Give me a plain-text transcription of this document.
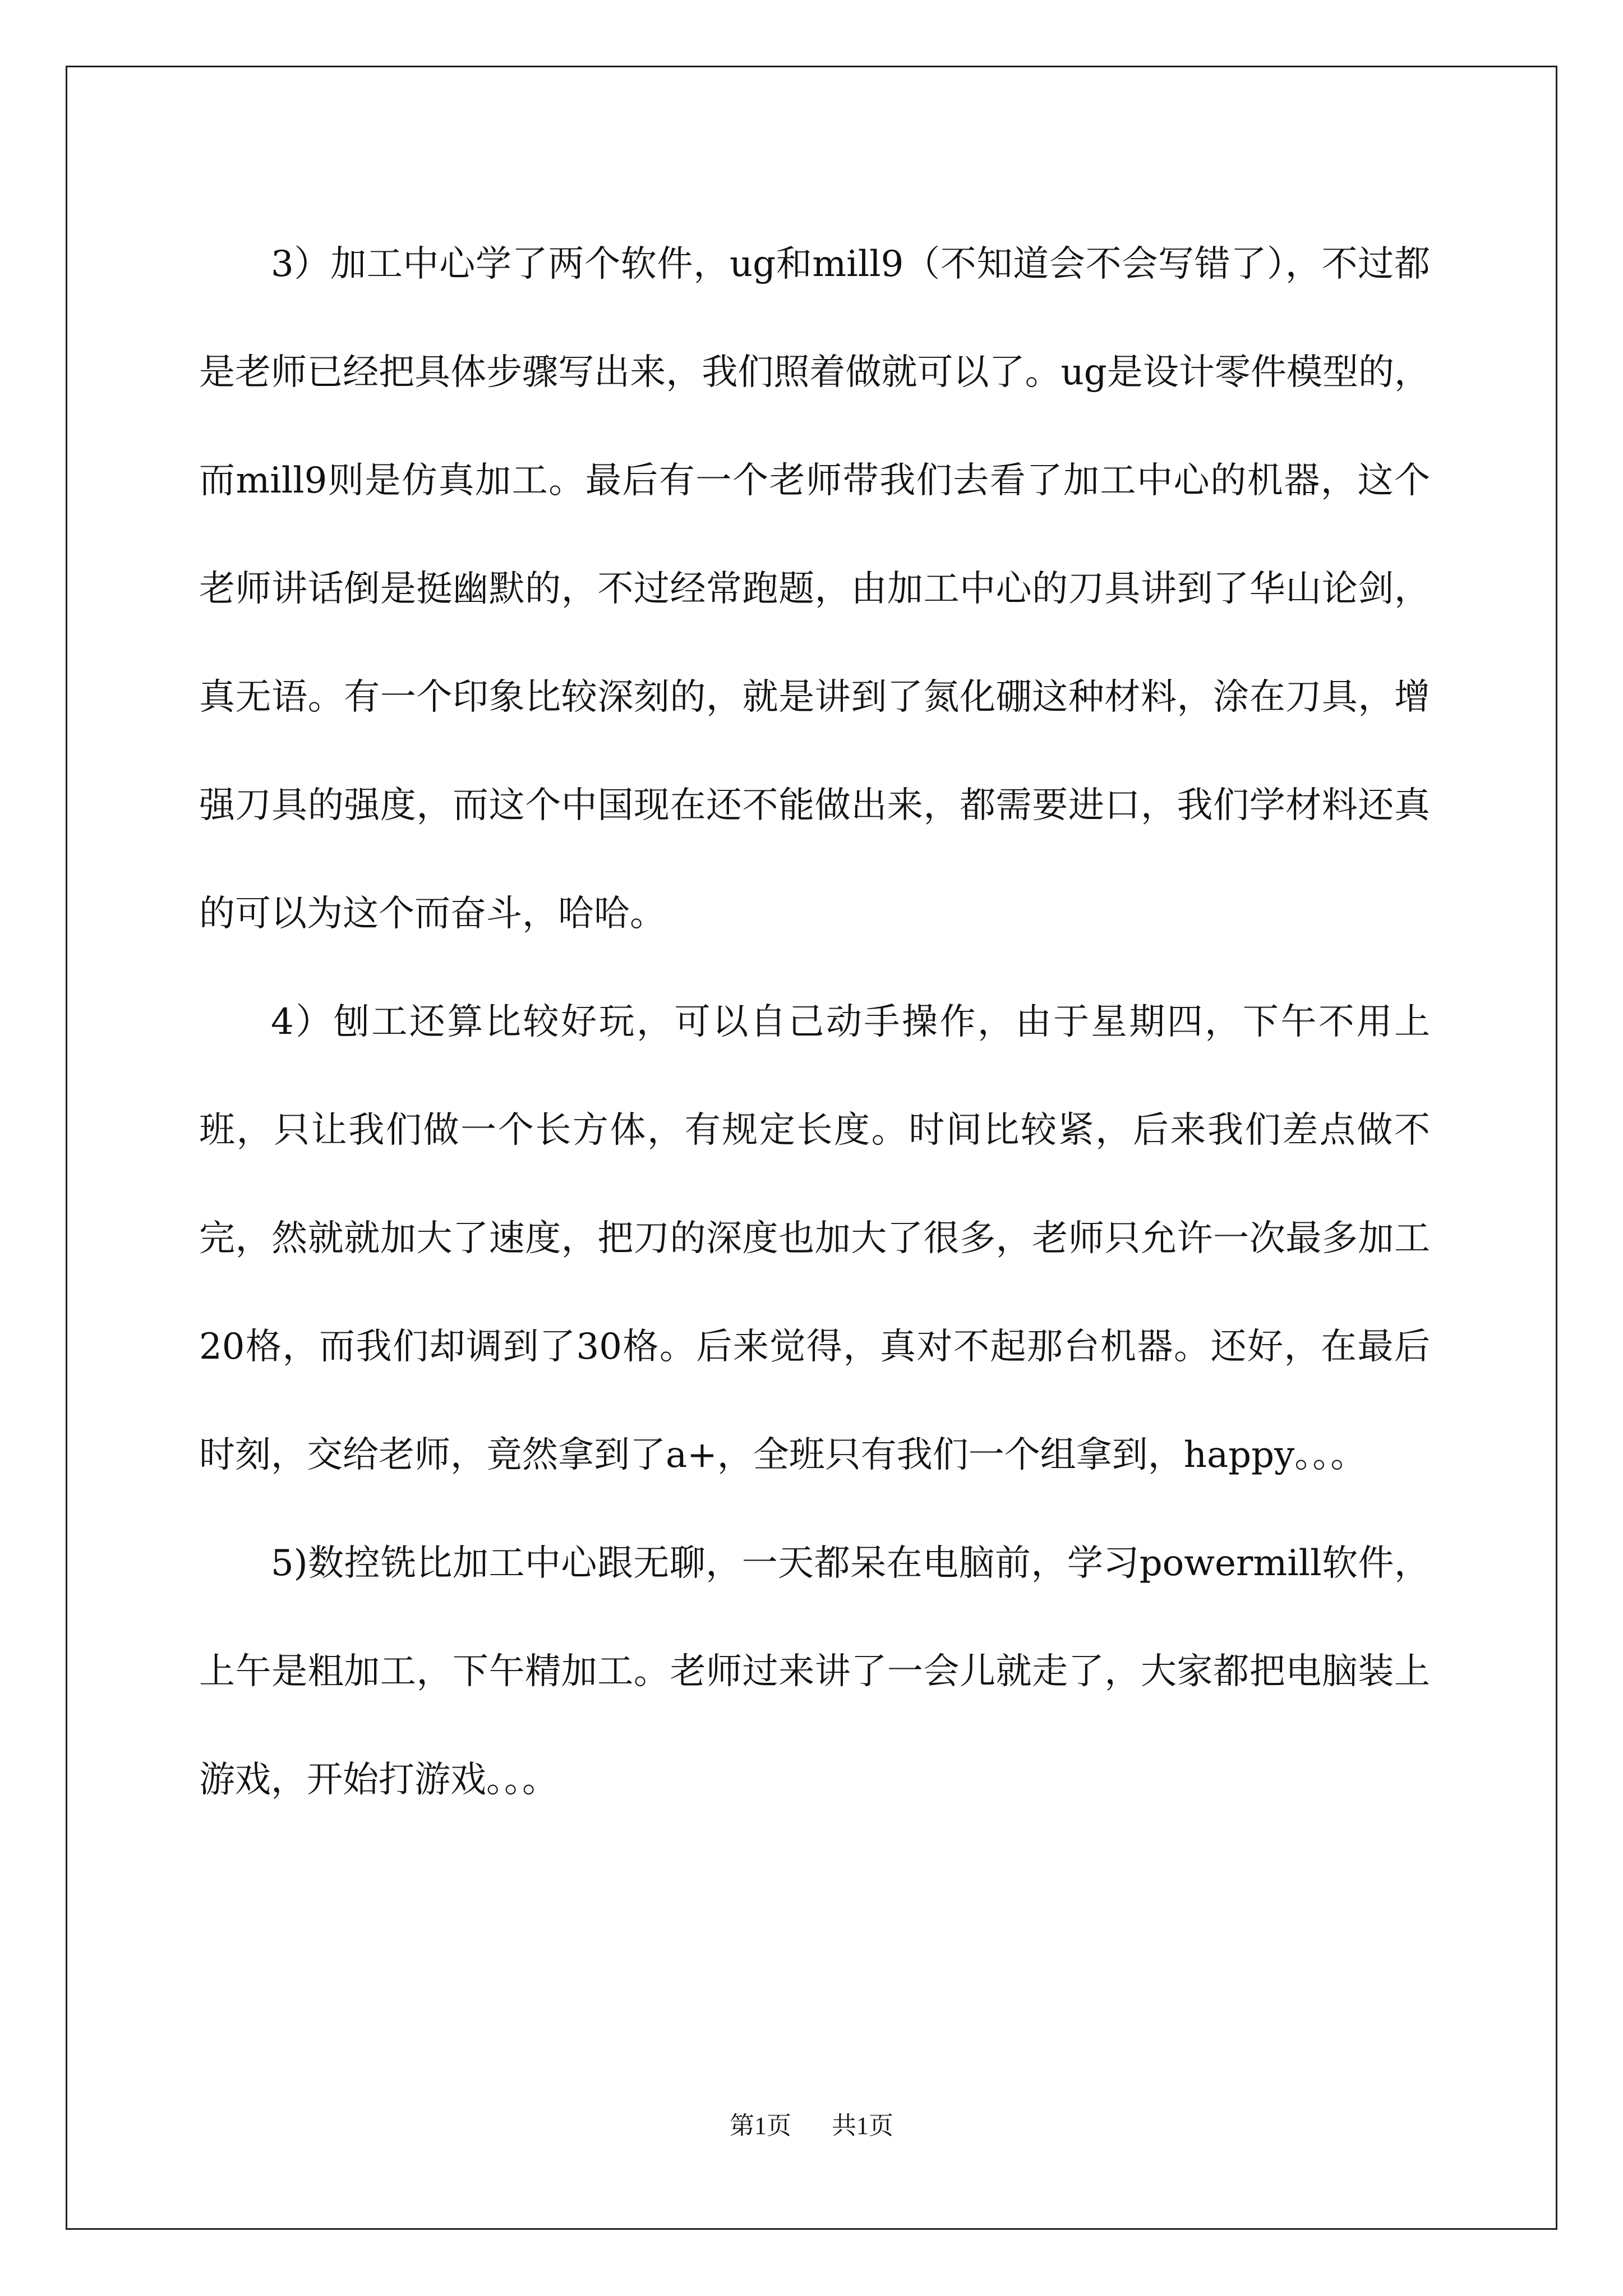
3）加工中心学了两个软件，ug和mill9（不知道会不会写错了），不过都是老师已经把具体步骤写出来，我们照着做就可以了。ug是设计零件模型的，而mill9则是仿真加工。最后有一个老师带我们去看了加工中心的机器，这个老师讲话倒是挺幽默的，不过经常跑题，由加工中心的刀具讲到了华山论剑，真无语。有一个印象比较深刻的，就是讲到了氮化硼这种材料，涂在刀具，增强刀具的强度，而这个中国现在还不能做出来，都需要进口，我们学材料还真的可以为这个而奋斗，哈哈。

4）刨工还算比较好玩，可以自己动手操作，由于星期四，下午不用上班，只让我们做一个长方体，有规定长度。时间比较紧，后来我们差点做不完，然就就加大了速度，把刀的深度也加大了很多，老师只允许一次最多加工20格，而我们却调到了30格。后来觉得，真对不起那台机器。还好，在最后时刻，交给老师，竟然拿到了a+，全班只有我们一个组拿到，happy。。。

5)数控铣比加工中心跟无聊，一天都呆在电脑前，学习powermill软件，上午是粗加工，下午精加工。老师过来讲了一会儿就走了，大家都把电脑装上游戏，开始打游戏。。。

第1页 共1页
